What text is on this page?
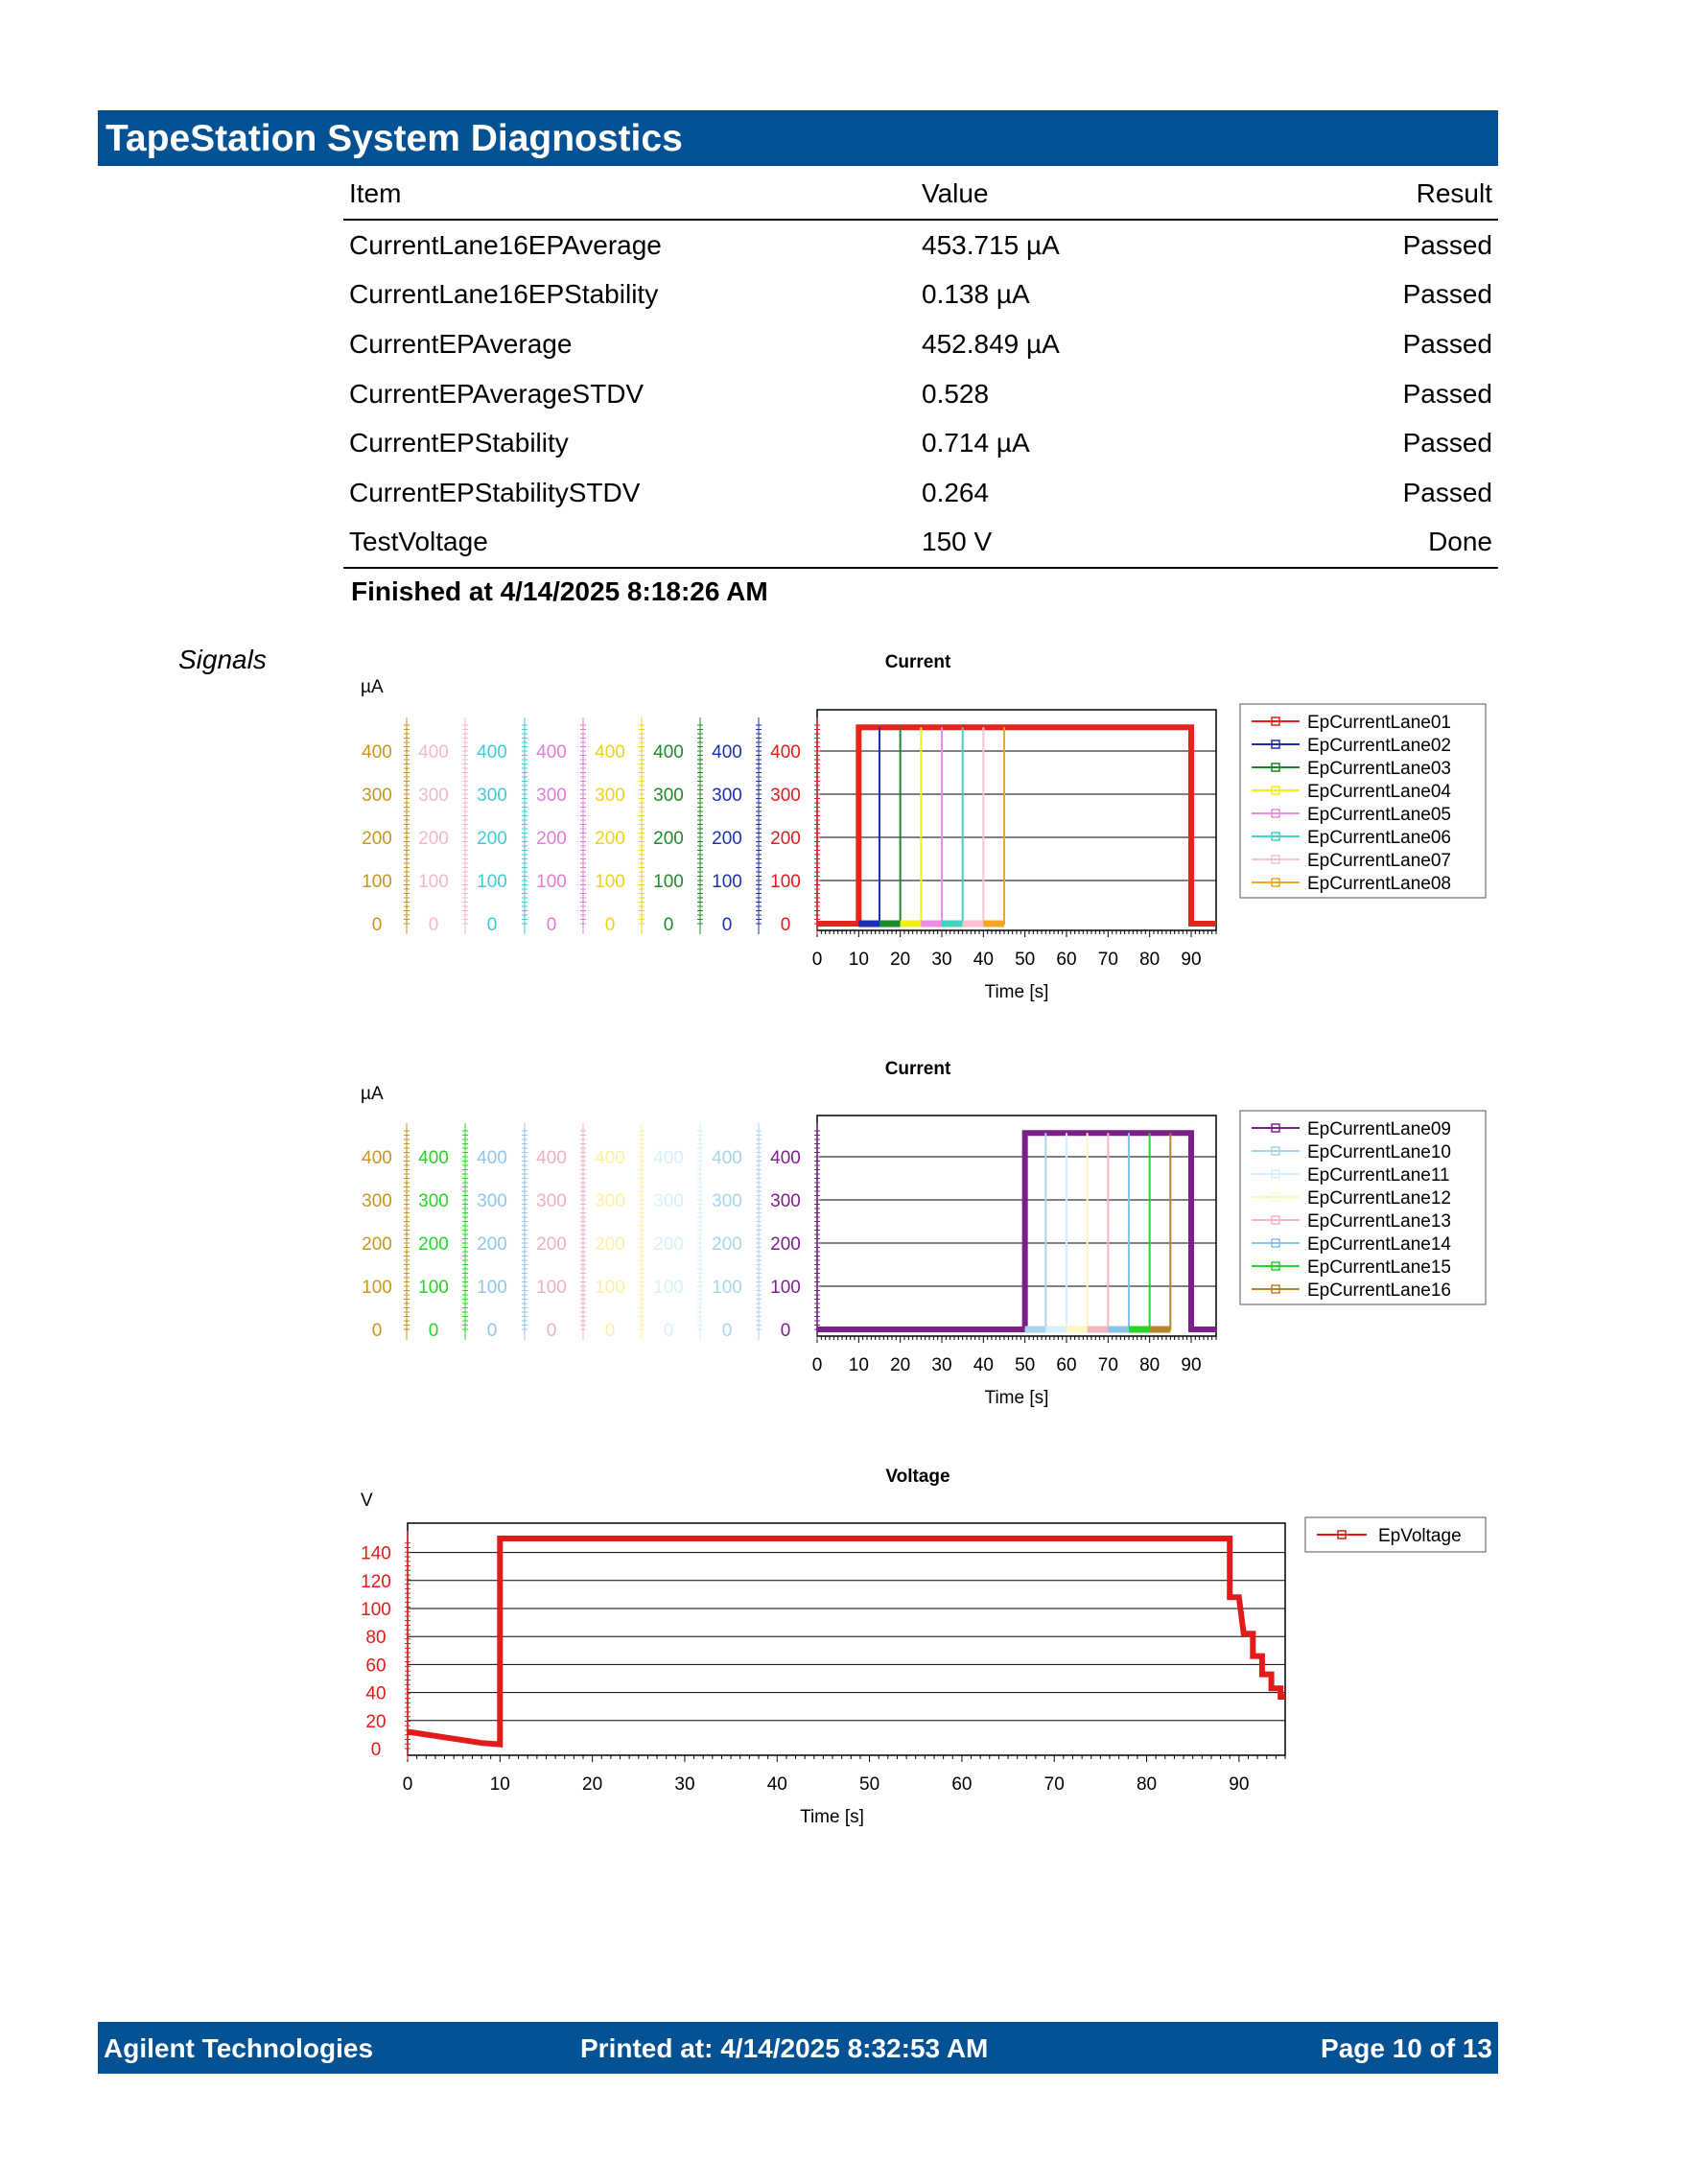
TapeStation System Diagnostics
Item	Value	Result
CurrentLane16EPAverage	453.715 µA	Passed
CurrentLane16EPStability	0.138 µA	Passed
CurrentEPAverage	452.849 µA	Passed
CurrentEPAverageSTDV	0.528	Passed
CurrentEPStability	0.714 µA	Passed
CurrentEPStabilitySTDV	0.264	Passed
TestVoltage	150 V	Done
Finished at 4/14/2025 8:18:26 AM
Signals	Current
µA
0 10 20 30 40 50 60 70 80 90
Time [s]
0
100
200
300
400
0
100
200
300
400
0
100
200
300
400
0
100
200
300
400
0
100
200
300
400
0
100
200
300
400
0
100
200
300
400
0
100
200
300
400
EpCurrentLane01
EpCurrentLane02
EpCurrentLane03
EpCurrentLane04
EpCurrentLane05
EpCurrentLane06
EpCurrentLane07
EpCurrentLane08
Current
µA
0 10 20 30 40 50 60 70 80 90
Time [s]
0
100
200
300
400
0
100
200
300
400
0
100
200
300
400
0
100
200
300
400
0
100
200
300
400
0
100
200
300
400
0
100
200
300
400
0
100
200
300
400
EpCurrentLane09
EpCurrentLane10
EpCurrentLane11
EpCurrentLane12
EpCurrentLane13
EpCurrentLane14
EpCurrentLane15
EpCurrentLane16
Voltage
V
0	10	20	30	40	50	60	70	80	90
Time [s]
0
20
40
60
80
100
120
140
EpVoltage
Agilent Technologies	Printed at: 4/14/2025 8:32:53 AM	Page 10 of 13
